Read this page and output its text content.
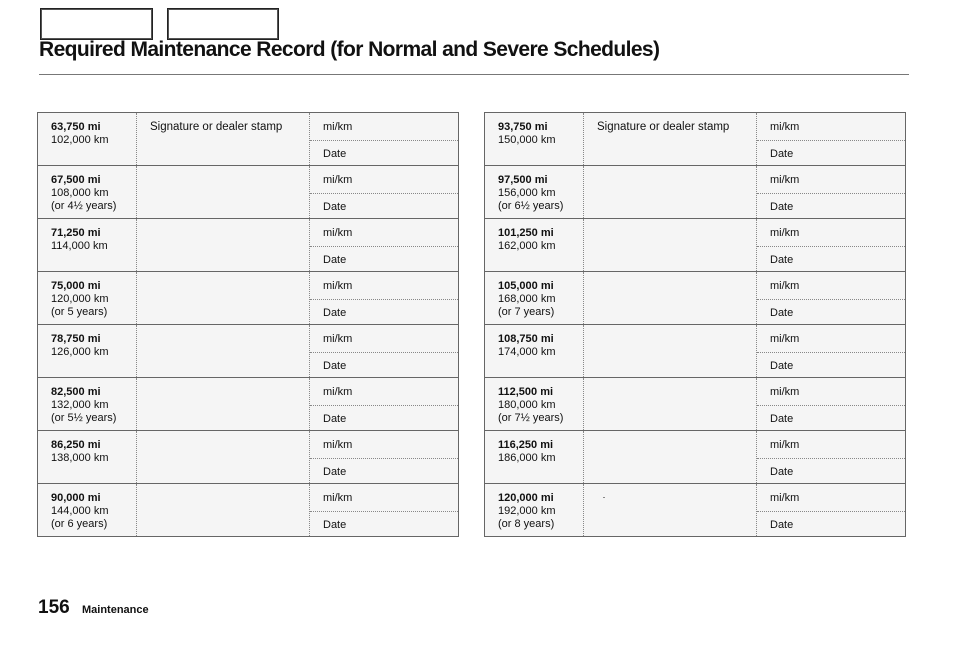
Required Maintenance Record (for Normal and Severe Schedules)
63,750 mi
102,000 km
Signature or dealer stamp	mi/km
Date
67,500 mi
108,000 km
(or 4½ years)
mi/km
Date
71,250 mi
114,000 km
mi/km
Date
75,000 mi
120,000 km
(or 5 years)
mi/km
Date
78,750 mi
126,000 km
mi/km
Date
82,500 mi
132,000 km
(or 5½ years)
mi/km
Date
86,250 mi
138,000 km
mi/km
Date
90,000 mi
144,000 km
(or 6 years)
mi/km
Date
93,750 mi
150,000 km
Signature or dealer stamp	mi/km
Date
97,500 mi
156,000 km
(or 6½ years)
mi/km
Date
101,250 mi
162,000 km
mi/km
Date
105,000 mi
168,000 km
(or 7 years)
mi/km
Date
108,750 mi
174,000 km
mi/km
Date
112,500 mi
180,000 km
(or 7½ years)
mi/km
Date
116,250 mi
186,000 km
mi/km
Date
120,000 mi
192,000 km
(or 8 years)
mi/km
Date
156 Maintenance
